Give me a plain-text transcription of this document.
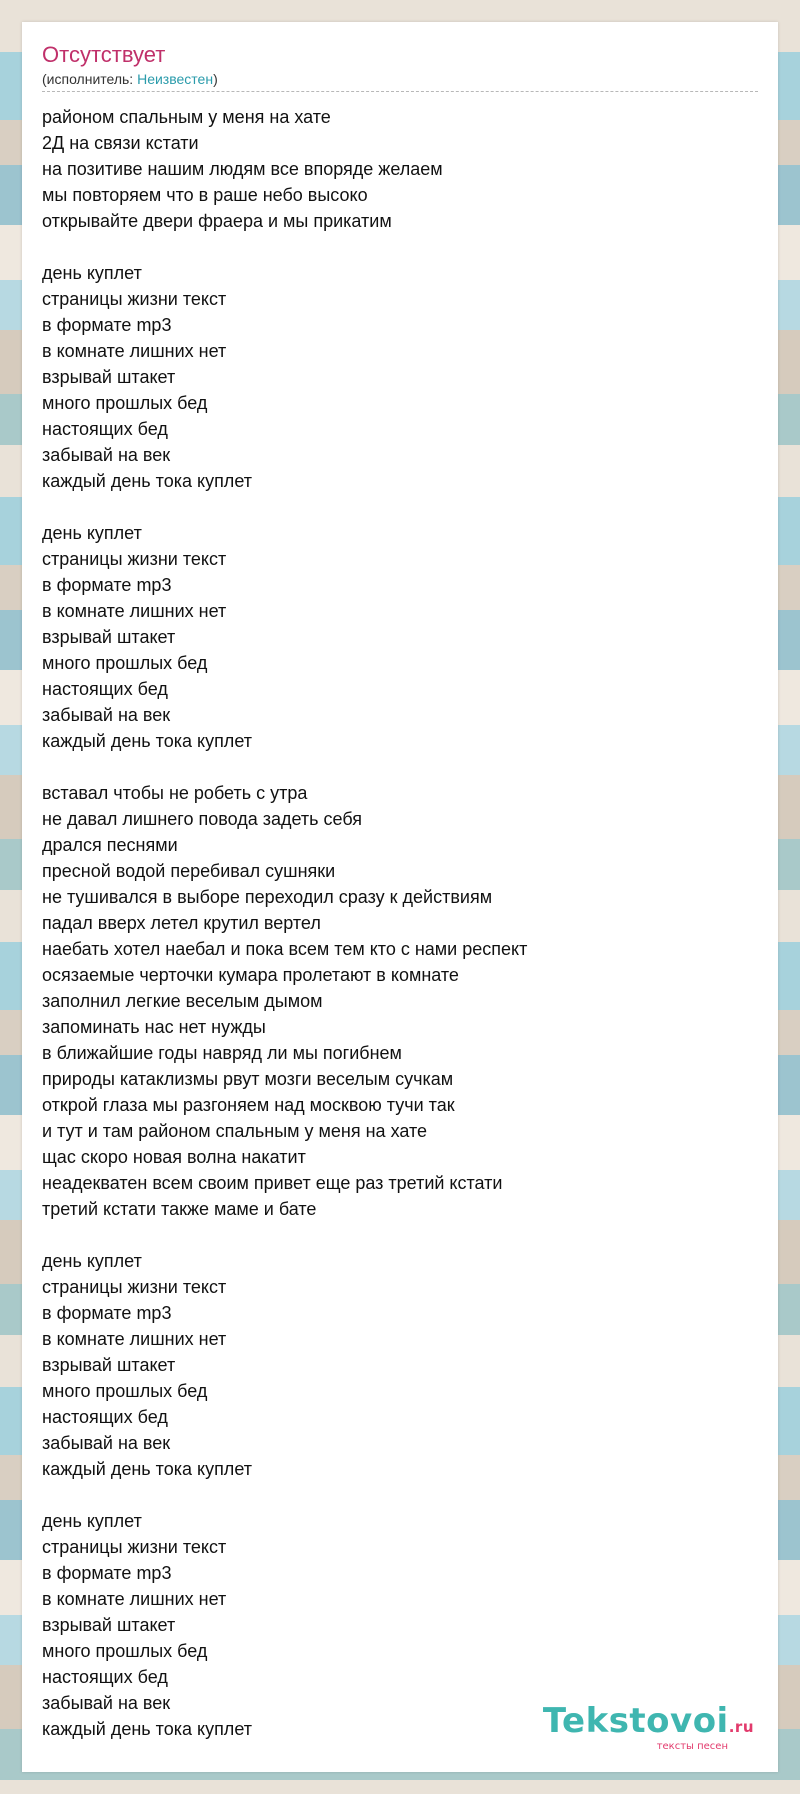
Отсутствует
(исполнитель: Неизвестен)
районом спальным у меня на хате
2Д на связи кстати
на позитиве нашим людям все впоряде желаем
мы повторяем что в раше небо высоко
открывайте двери фраера и мы прикатим
день куплет
страницы жизни текст
в формате mp3
в комнате лишних нет
взрывай штакет
много прошлых бед
настоящих бед
забывай на век
каждый день тока куплет
день куплет
страницы жизни текст
в формате mp3
в комнате лишних нет
взрывай штакет
много прошлых бед
настоящих бед
забывай на век
каждый день тока куплет
вставал чтобы не робеть с утра
не давал лишнего повода задеть себя
дрался песнями
пресной водой перебивал сушняки
не тушивался в выборе переходил сразу к действиям
падал вверх летел крутил вертел
наебать хотел наебал и пока всем тем кто с нами респект
осязаемые черточки кумара пролетают в комнате
заполнил легкие веселым дымом
запоминать нас нет нужды
в ближайшие годы навряд ли мы погибнем
природы катаклизмы рвут мозги веселым сучкам
открой глаза мы разгоняем над москвою тучи так
и тут и там районом спальным у меня на хате
щас скоро новая волна накатит
неадекватен всем своим привет еще раз третий кстати
третий кстати также маме и бате
день куплет
страницы жизни текст
в формате mp3
в комнате лишних нет
взрывай штакет
много прошлых бед
настоящих бед
забывай на век
каждый день тока куплет
день куплет
страницы жизни текст
в формате mp3
в комнате лишних нет
взрывай штакет
много прошлых бед
настоящих бед
забывай на век
каждый день тока куплет	Tekstovoi.ru
тексты песен
